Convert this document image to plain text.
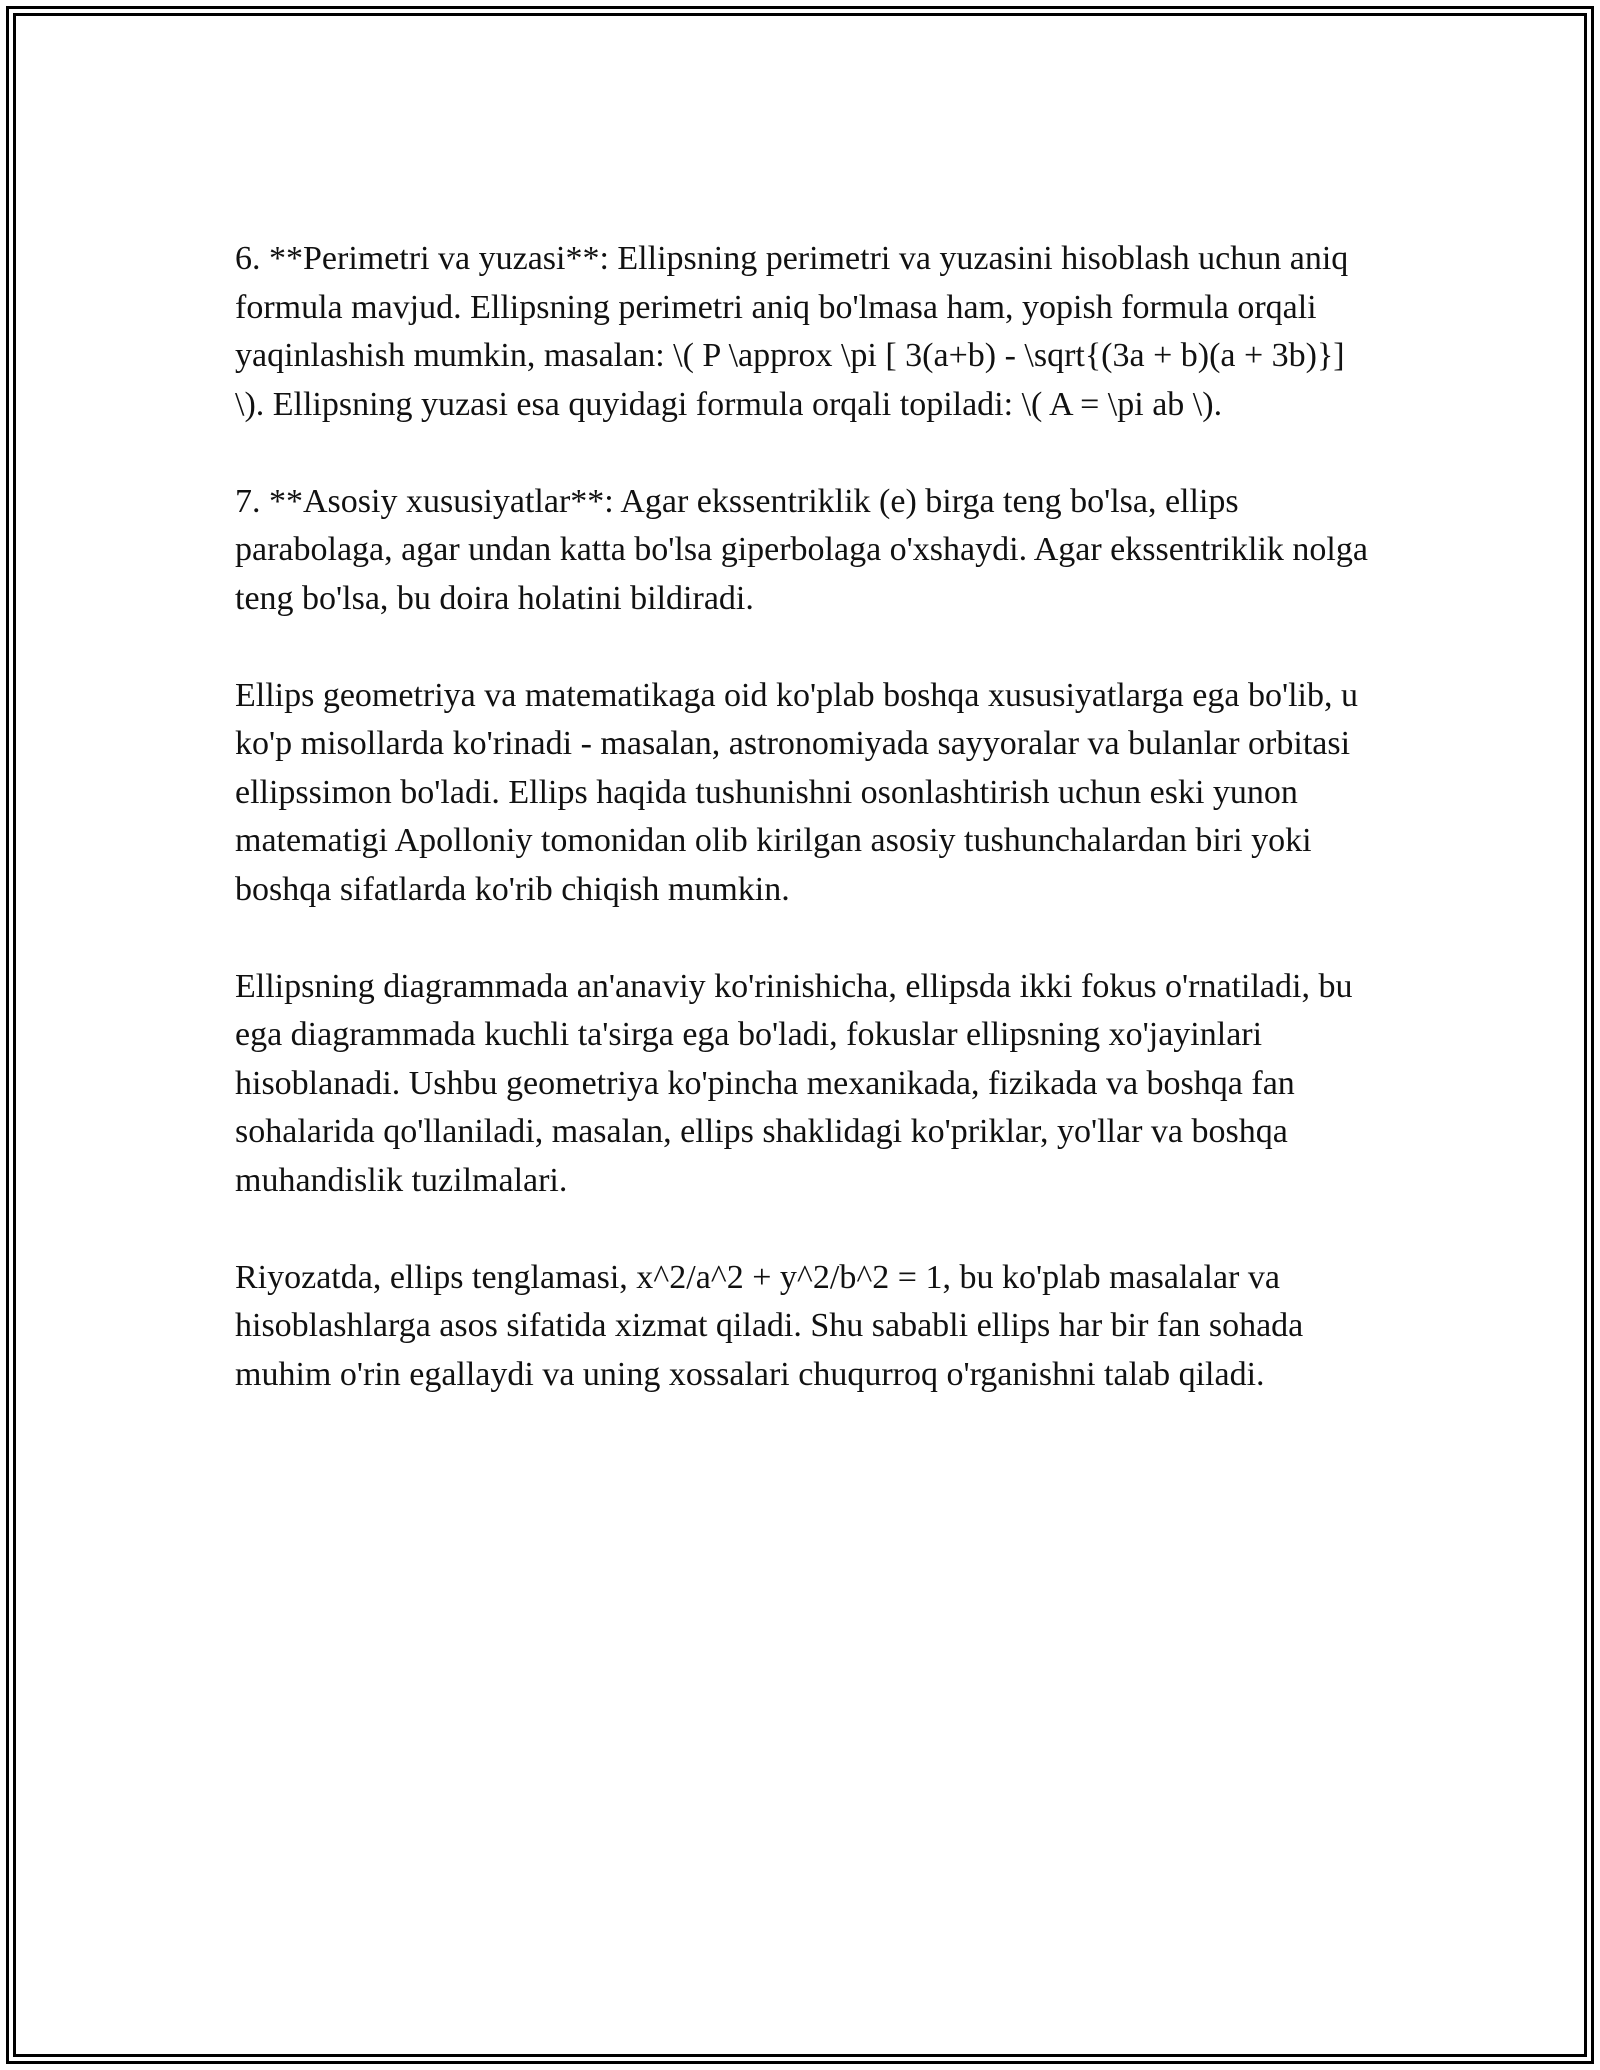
6. **Perimetri va yuzasi**: Ellipsning perimetri va yuzasini hisoblash uchun aniq formula mavjud. Ellipsning perimetri aniq bo'lmasa ham, yopish formula orqali yaqinlashish mumkin, masalan: \( P \approx \pi [ 3(a+b) - \sqrt{(3a + b)(a + 3b)}] \). Ellipsning yuzasi esa quyidagi formula orqali topiladi: \( A = \pi ab \).

7. **Asosiy xususiyatlar**: Agar ekssentriklik (e) birga teng bo'lsa, ellips parabolaga, agar undan katta bo'lsa giperbolaga o'xshaydi. Agar ekssentriklik nolga teng bo'lsa, bu doira holatini bildiradi.

Ellips geometriya va matematikaga oid ko'plab boshqa xususiyatlarga ega bo'lib, u ko'p misollarda ko'rinadi - masalan, astronomiyada sayyoralar va bulanlar orbitasi ellipssimon bo'ladi. Ellips haqida tushunishni osonlashtirish uchun eski yunon matematigi Apolloniy tomonidan olib kirilgan asosiy tushunchalardan biri yoki boshqa sifatlarda ko'rib chiqish mumkin.

Ellipsning diagrammada an'anaviy ko'rinishicha, ellipsda ikki fokus o'rnatiladi, bu ega diagrammada kuchli ta'sirga ega bo'ladi, fokuslar ellipsning xo'jayinlari hisoblanadi. Ushbu geometriya ko'pincha mexanikada, fizikada va boshqa fan sohalarida qo'llaniladi, masalan, ellips shaklidagi ko'priklar, yo'llar va boshqa muhandislik tuzilmalari.

Riyozatda, ellips tenglamasi, x^2/a^2 + y^2/b^2 = 1, bu ko'plab masalalar va hisoblashlarga asos sifatida xizmat qiladi. Shu sababli ellips har bir fan sohada muhim o'rin egallaydi va uning xossalari chuqurroq o'rganishni talab qiladi.
